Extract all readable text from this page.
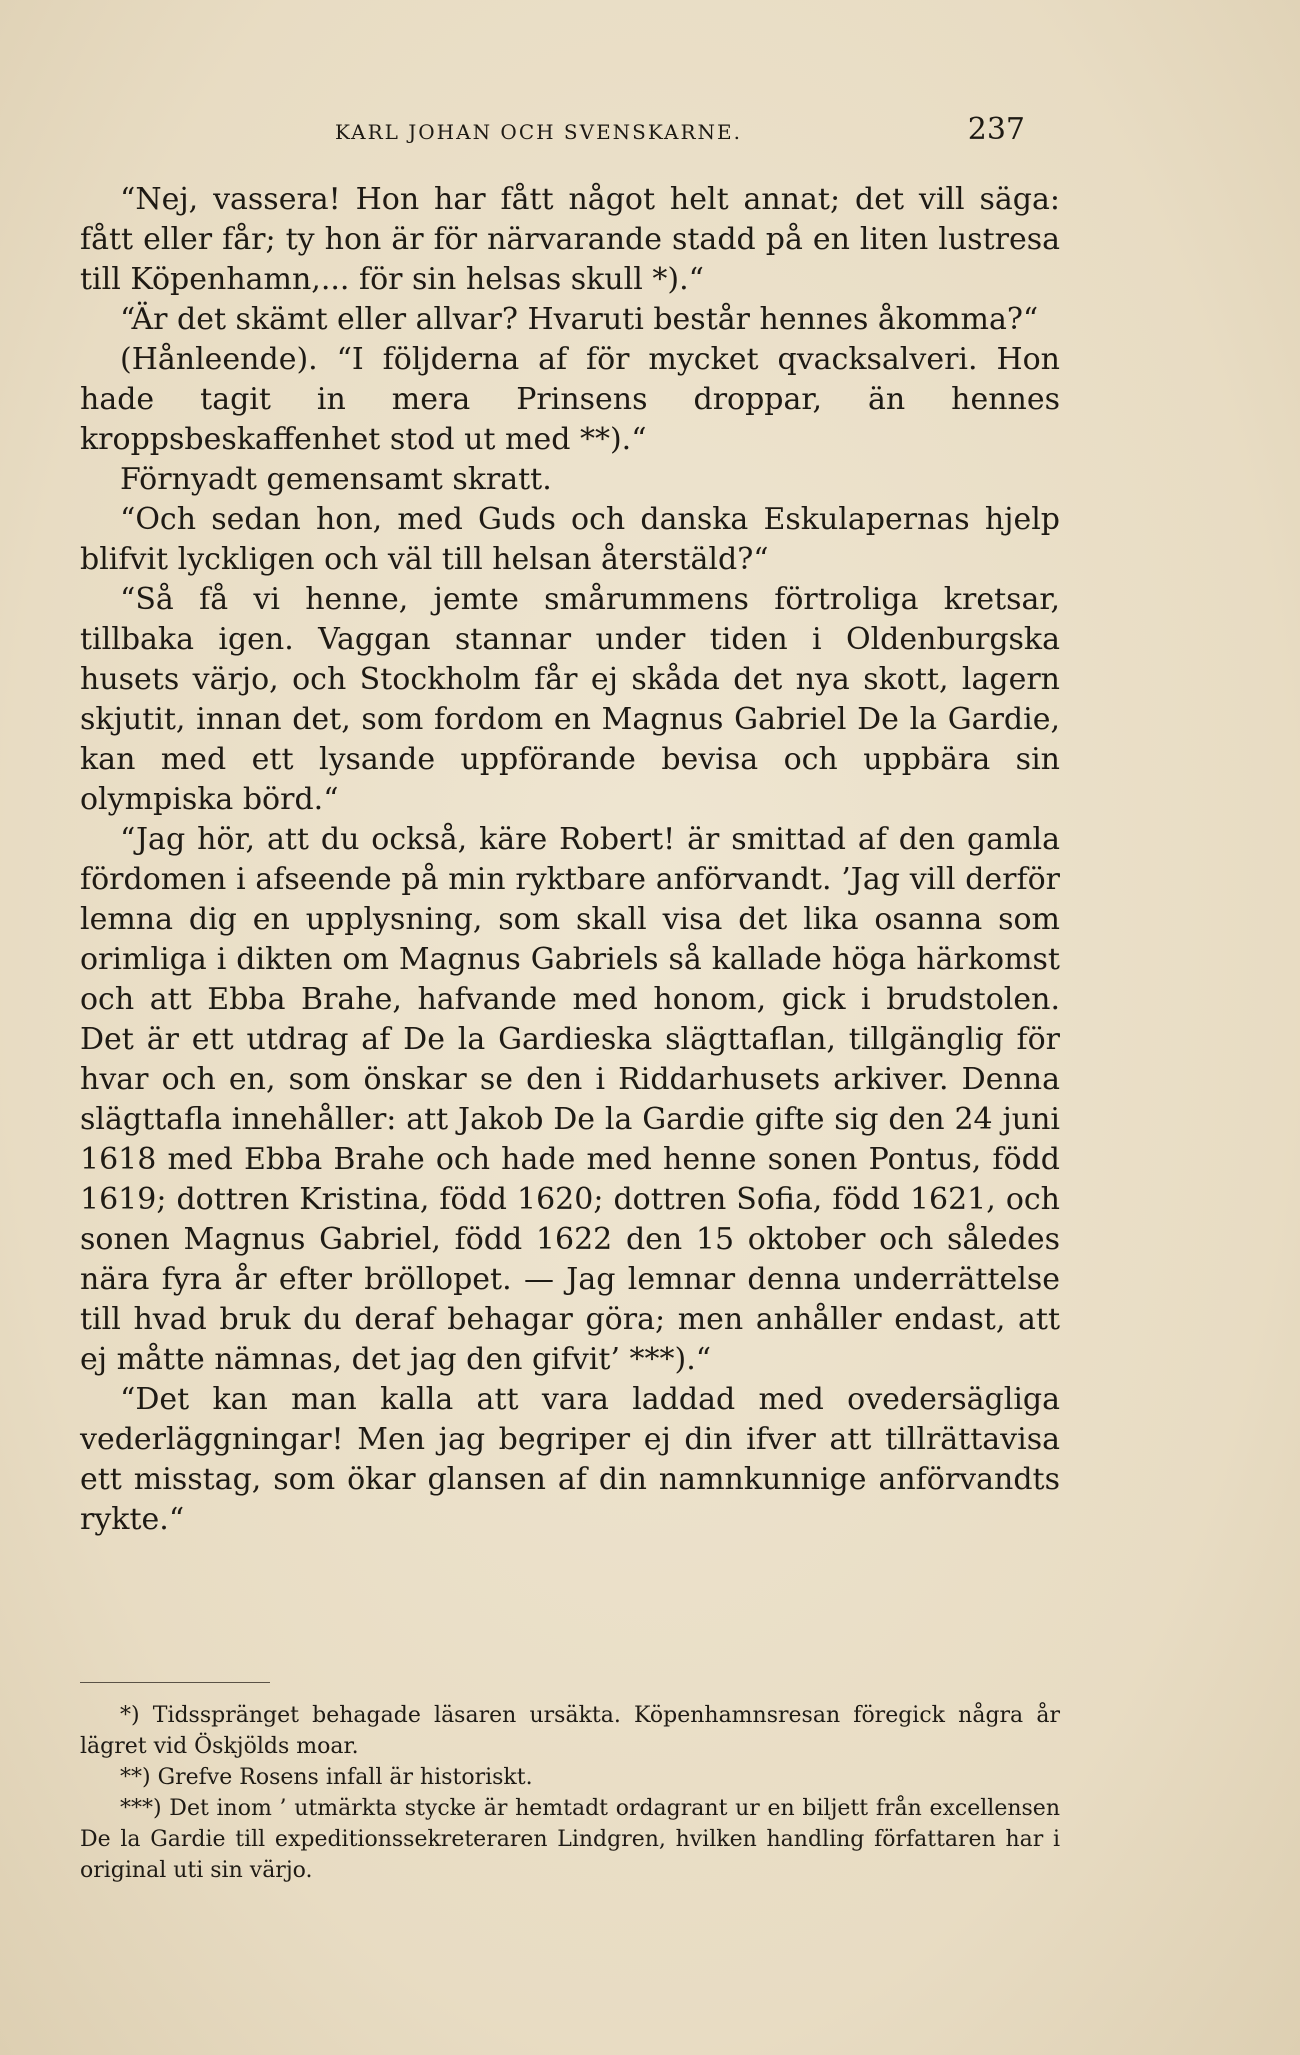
KARL JOHAN OCH SVENSKARNE.	237

“Nej, vassera! Hon har fått något helt annat; det vill säga: fått eller får; ty hon är för närvarande stadd på en liten lustresa till Köpenhamn,... för sin helsas skull *).“

“Är det skämt eller allvar? Hvaruti består hennes åkomma?“

(Hånleende). “I följderna af för mycket qvacksalveri. Hon hade tagit in mera Prinsens droppar, än hennes kroppsbeskaffenhet stod ut med **).“

Förnyadt gemensamt skratt.

“Och sedan hon, med Guds och danska Eskulapernas hjelp blifvit lyckligen och väl till helsan återstäld?“

“Så få vi henne, jemte smårummens förtroliga kretsar, tillbaka igen. Vaggan stannar under tiden i Oldenburgska husets värjo, och Stockholm får ej skåda det nya skott, lagern skjutit, innan det, som fordom en Magnus Gabriel De la Gardie, kan med ett lysande uppförande bevisa och uppbära sin olympiska börd.“

“Jag hör, att du också, käre Robert! är smittad af den gamla fördomen i afseende på min ryktbare anförvandt. ’Jag vill derför lemna dig en upplysning, som skall visa det lika osanna som orimliga i dikten om Magnus Gabriels så kallade höga härkomst och att Ebba Brahe, hafvande med honom, gick i brudstolen. Det är ett utdrag af De la Gardieska slägttaflan, tillgänglig för hvar och en, som önskar se den i Riddarhusets arkiver. Denna slägttafla innehåller: att Jakob De la Gardie gifte sig den 24 juni 1618 med Ebba Brahe och hade med henne sonen Pontus, född 1619; dottren Kristina, född 1620; dottren Sofia, född 1621, och sonen Magnus Gabriel, född 1622 den 15 oktober och således nära fyra år efter bröllopet. — Jag lemnar denna underrättelse till hvad bruk du deraf behagar göra; men anhåller endast, att ej måtte nämnas, det jag den gifvit’ ***).“

“Det kan man kalla att vara laddad med ovedersägliga vederläggningar! Men jag begriper ej din ifver att tillrättavisa ett misstag, som ökar glansen af din namnkunnige anförvandts rykte.“

*) Tidsspränget behagade läsaren ursäkta. Köpenhamnsresan föregick några år lägret vid Öskjölds moar.

**) Grefve Rosens infall är historiskt.

***) Det inom ’ utmärkta stycke är hemtadt ordagrant ur en biljett från excellensen De la Gardie till expeditionssekreteraren Lindgren, hvilken handling författaren har i original uti sin värjo.
